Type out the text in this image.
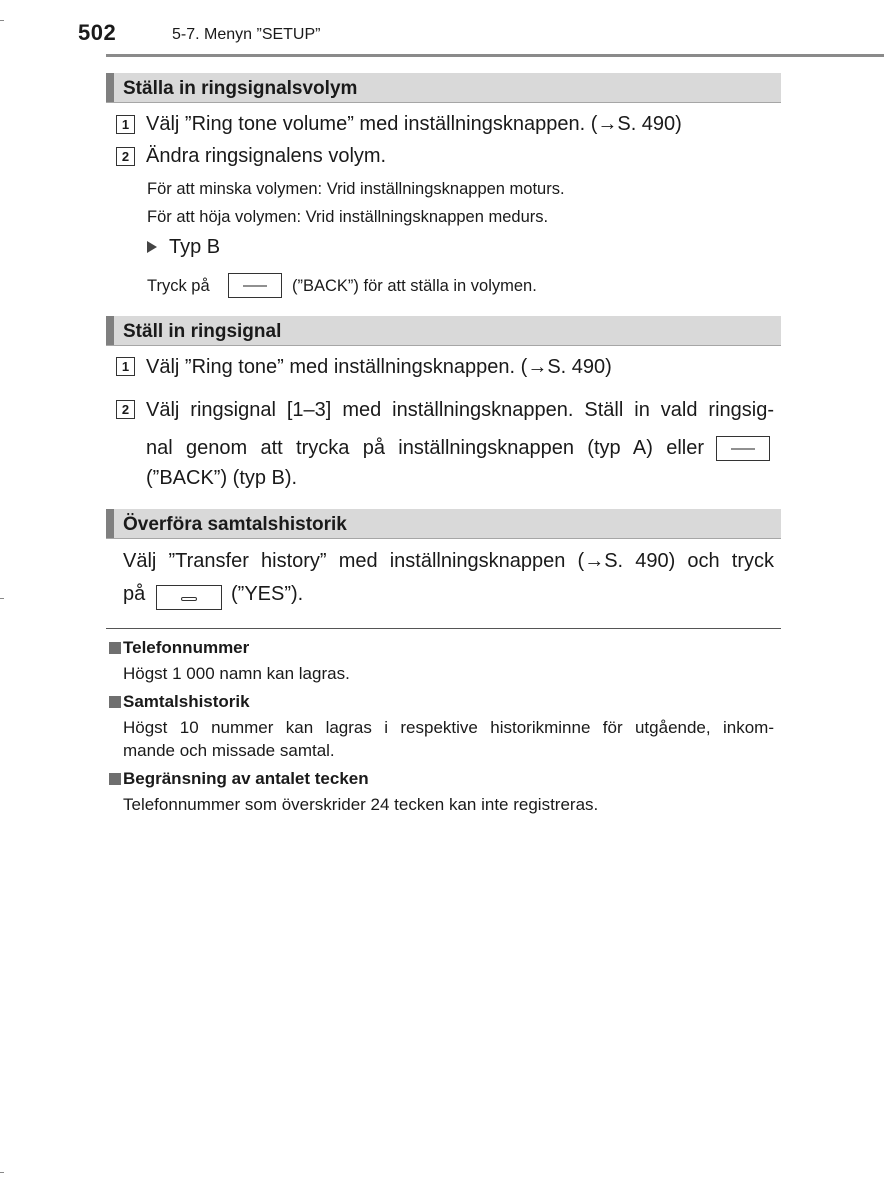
502	5-7. Menyn ”SETUP”
Ställa in ringsignalsvolym
1 Välj ”Ring tone volume” med inställningsknappen. (→S. 490)
2 Ändra ringsignalens volym.
För att minska volymen: Vrid inställningsknappen moturs.
För att höja volymen: Vrid inställningsknappen medurs.
Typ B
Tryck på	(”BACK”) för att ställa in volymen.
Ställ in ringsignal
1 Välj ”Ring tone” med inställningsknappen. (→S. 490)
2 Välj ringsignal [1–3] med inställningsknappen. Ställ in vald ringsig-
nal genom att trycka på inställningsknappen (typ A) eller
(”BACK”) (typ B).
Överföra samtalshistorik
Välj ”Transfer history” med inställningsknappen (→S. 490) och tryck
på	(”YES”).
Telefonnummer
Högst 1 000 namn kan lagras.
Samtalshistorik
Högst 10 nummer kan lagras i respektive historikminne för utgående, inkom-
mande och missade samtal.
Begränsning av antalet tecken
Telefonnummer som överskrider 24 tecken kan inte registreras.
